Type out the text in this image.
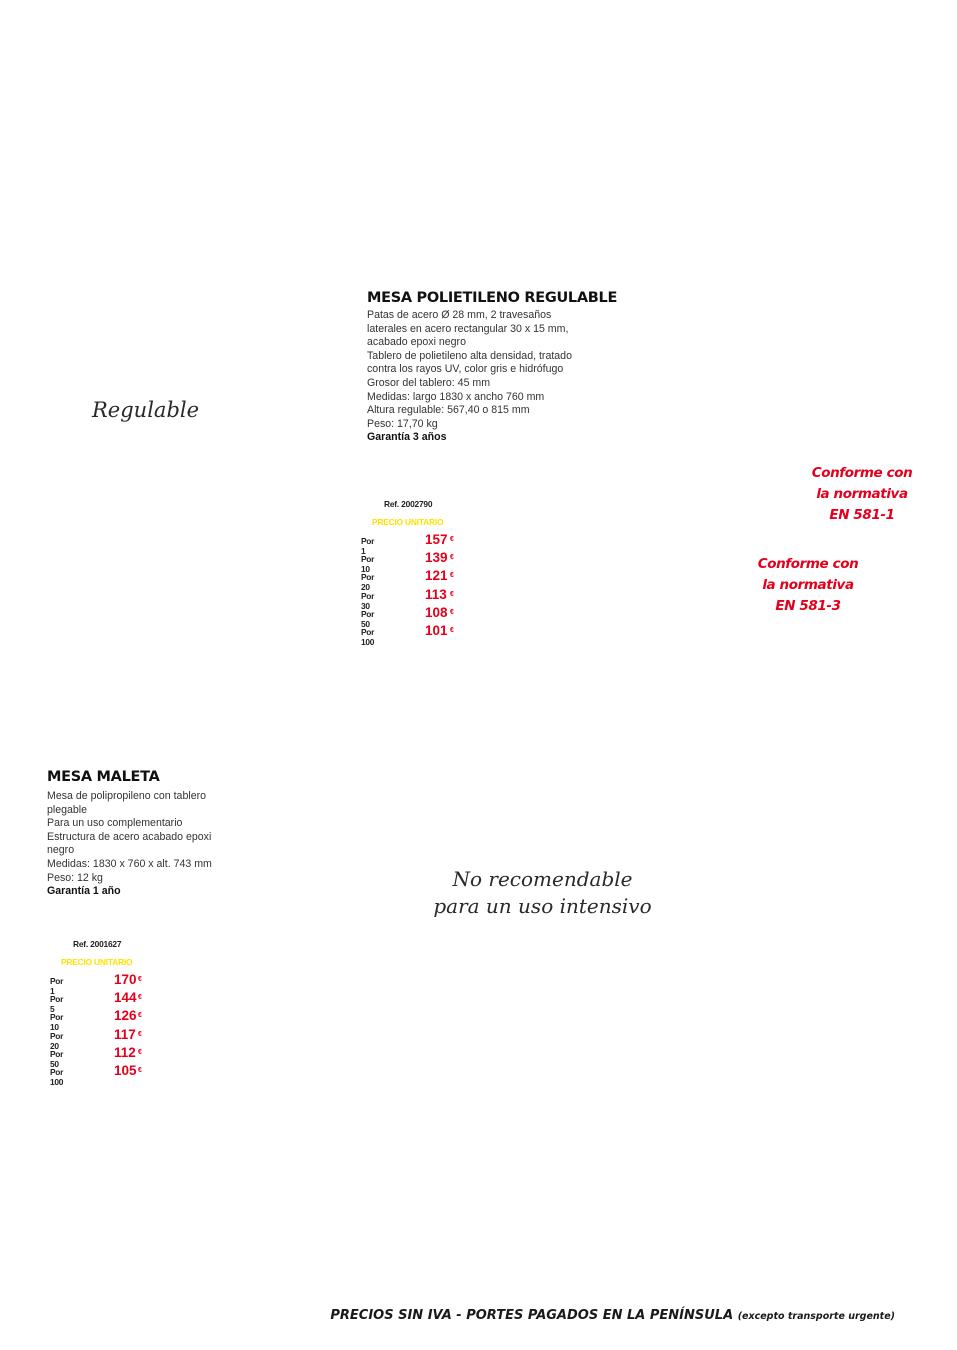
MESA POLIETILENO REGULABLE
Patas de acero Ø 28 mm, 2 travesaños
laterales en acero rectangular 30 x 15 mm,
acabado epoxi negro
Tablero de polietileno alta densidad, tratado
contra los rayos UV, color gris e hidrófugo
Grosor del tablero: 45 mm
Medidas: largo 1830 x ancho 760 mm
Altura regulable: 567,40 o 815 mm
Peso: 17,70 kg
Garantía 3 años
Ref. 2002790
PRECIO UNITARIO
Por 1
157 €
Por 10
139 €
Por 20
121 €
Por 30
113 €
Por 50
108 €
Por 100
101 €
Regulable
No recomendable
para un uso intensivo
Conforme con
la normativa
EN 581-1
Conforme con
la normativa
EN 581-3
MESA MALETA
Mesa de polipropileno con tablero
plegable
Para un uso complementario
Estructura de acero acabado epoxi
negro
Medidas: 1830 x 760 x alt. 743 mm
Peso: 12 kg
Garantía 1 año
Ref. 2001627
PRECIO UNITARIO
Por 1
170 €
Por 5
144 €
Por 10
126 €
Por 20
117 €
Por 50
112 €
Por 100
105 €
PRECIOS SIN IVA - PORTES PAGADOS EN LA PENÍNSULA (excepto transporte urgente)
